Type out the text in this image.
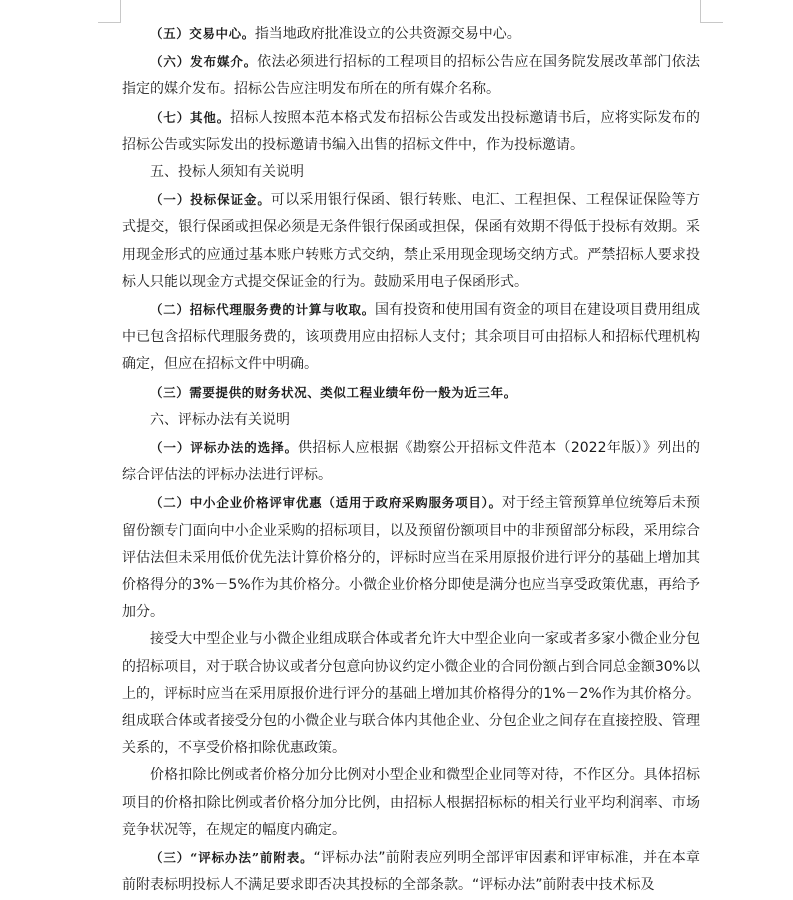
（五）交易中心。指当地政府批准设立的公共资源交易中心。

（六）发布媒介。依法必须进行招标的工程项目的招标公告应在国务院发展改革部门依法指定的媒介发布。招标公告应注明发布所在的所有媒介名称。

（七）其他。招标人按照本范本格式发布招标公告或发出投标邀请书后，应将实际发布的招标公告或实际发出的投标邀请书编入出售的招标文件中，作为投标邀请。

五、投标人须知有关说明

（一）投标保证金。可以采用银行保函、银行转账、电汇、工程担保、工程保证保险等方式提交，银行保函或担保必须是无条件银行保函或担保，保函有效期不得低于投标有效期。采用现金形式的应通过基本账户转账方式交纳，禁止采用现金现场交纳方式。严禁招标人要求投标人只能以现金方式提交保证金的行为。鼓励采用电子保函形式。

（二）招标代理服务费的计算与收取。国有投资和使用国有资金的项目在建设项目费用组成中已包含招标代理服务费的，该项费用应由招标人支付；其余项目可由招标人和招标代理机构确定，但应在招标文件中明确。

（三）需要提供的财务状况、类似工程业绩年份一般为近三年。

六、评标办法有关说明

（一）评标办法的选择。供招标人应根据《勘察公开招标文件范本（2022年版）》列出的综合评估法的评标办法进行评标。

（二）中小企业价格评审优惠（适用于政府采购服务项目）。对于经主管预算单位统筹后未预留份额专门面向中小企业采购的招标项目，以及预留份额项目中的非预留部分标段，采用综合评估法但未采用低价优先法计算价格分的，评标时应当在采用原报价进行评分的基础上增加其价格得分的3%－5%作为其价格分。小微企业价格分即使是满分也应当享受政策优惠，再给予加分。

接受大中型企业与小微企业组成联合体或者允许大中型企业向一家或者多家小微企业分包的招标项目，对于联合协议或者分包意向协议约定小微企业的合同份额占到合同总金额30%以上的，评标时应当在采用原报价进行评分的基础上增加其价格得分的1%－2%作为其价格分。组成联合体或者接受分包的小微企业与联合体内其他企业、分包企业之间存在直接控股、管理关系的，不享受价格扣除优惠政策。

价格扣除比例或者价格分加分比例对小型企业和微型企业同等对待，不作区分。具体招标项目的价格扣除比例或者价格分加分比例，由招标人根据招标标的相关行业平均利润率、市场竞争状况等，在规定的幅度内确定。

（三）“评标办法”前附表。“评标办法”前附表应列明全部评审因素和评审标准，并在本章前附表标明投标人不满足要求即否决其投标的全部条款。“评标办法”前附表中技术标及
